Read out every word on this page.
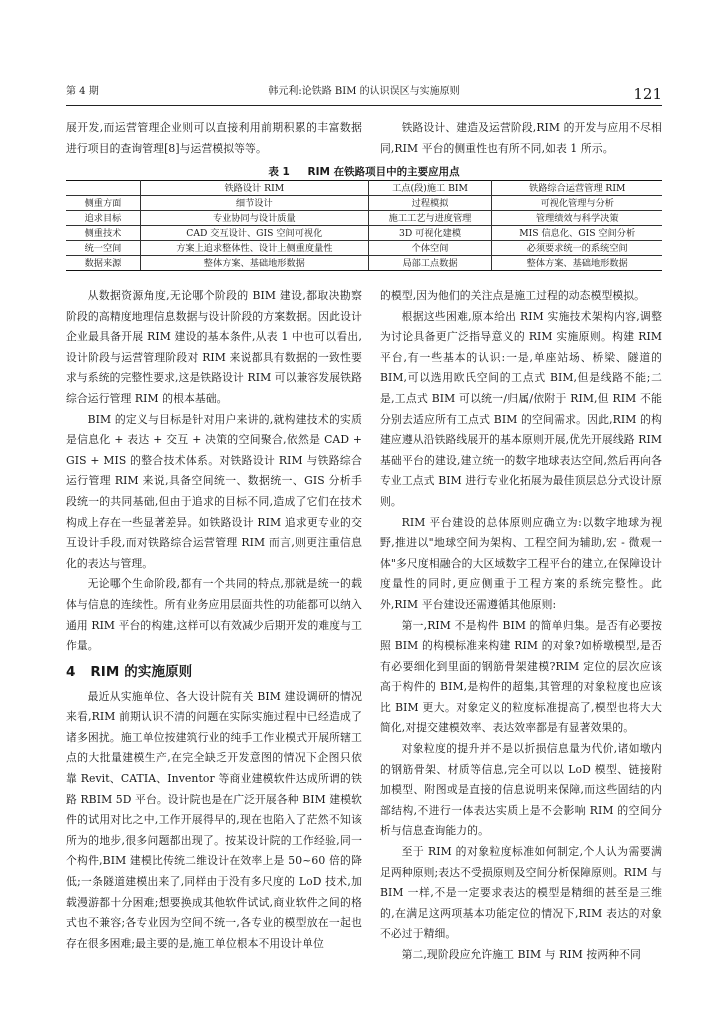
第 4 期	韩元利:论铁路 BIM 的认识误区与实施原则	121

展开发,而运营管理企业则可以直接利用前期积累的丰富数据进行项目的查询管理[8]与运营模拟等等。

铁路设计、建造及运营阶段,RIM 的开发与应用不尽相同,RIM 平台的侧重性也有所不同,如表 1 所示。

表 1 RIM 在铁路项目中的主要应用点
	铁路设计 RIM	工点(段)施工 BIM	铁路综合运营管理 RIM
侧重方面	细节设计	过程模拟	可视化管理与分析
追求目标	专业协同与设计质量	施工工艺与进度管理	管理绩效与科学决策
侧重技术	CAD 交互设计、GIS 空间可视化	3D 可视化建模	MIS 信息化、GIS 空间分析
统一空间	方案上追求整体性、设计上侧重度量性	个体空间	必须要求统一的系统空间
数据来源	整体方案、基础地形数据	局部工点数据	整体方案、基础地形数据

从数据资源角度,无论哪个阶段的 BIM 建设,都取决勘察阶段的高精度地理信息数据与设计阶段的方案数据。因此设计企业最具备开展 RIM 建设的基本条件,从表 1 中也可以看出,设计阶段与运营管理阶段对 RIM 来说都具有数据的一致性要求与系统的完整性要求,这是铁路设计 RIM 可以兼容发展铁路综合运行管理 RIM 的根本基础。

BIM 的定义与目标是针对用户来讲的,就构建技术的实质是信息化 + 表达 + 交互 + 决策的空间聚合,依然是 CAD + GIS + MIS 的整合技术体系。对铁路设计 RIM 与铁路综合运行管理 RIM 来说,具备空间统一、数据统一、GIS 分析手段统一的共同基础,但由于追求的目标不同,造成了它们在技术构成上存在一些显著差异。如铁路设计 RIM 追求更专业的交互设计手段,而对铁路综合运营管理 RIM 而言,则更注重信息化的表达与管理。

无论哪个生命阶段,都有一个共同的特点,那就是统一的载体与信息的连续性。所有业务应用层面共性的功能都可以纳入通用 RIM 平台的构建,这样可以有效减少后期开发的难度与工作量。

4 RIM 的实施原则

最近从实施单位、各大设计院有关 BIM 建设调研的情况来看,RIM 前期认识不清的问题在实际实施过程中已经造成了诸多困扰。施工单位按建筑行业的纯手工作业模式开展所辖工点的大批量建模生产,在完全缺乏开发意图的情况下企图只依靠 Revit、CATIA、Inventor 等商业建模软件达成所谓的铁路 RBIM 5D 平台。设计院也是在广泛开展各种 BIM 建模软件的试用对比之中,工作开展得早的,现在也陷入了茫然不知该所为的地步,很多问题都出现了。按某设计院的工作经验,同一个构件,BIM 建模比传统二维设计在效率上是 50~60 倍的降低;一条隧道建模出来了,同样由于没有多尺度的 LoD 技术,加载漫游都十分困难;想要换成其他软件试试,商业软件之间的格式也不兼容;各专业因为空间不统一,各专业的模型放在一起也存在很多困难;最主要的是,施工单位根本不用设计单位

的模型,因为他们的关注点是施工过程的动态模型模拟。

根据这些困难,原本给出 RIM 实施技术架构内容,调整为讨论具备更广泛指导意义的 RIM 实施原则。构建 RIM 平台,有一些基本的认识:一是,单座站场、桥梁、隧道的 BIM,可以选用欧氏空间的工点式 BIM,但是线路不能;二是,工点式 BIM 可以统一/归属/依附于 RIM,但 RIM 不能分别去适应所有工点式 BIM 的空间需求。因此,RIM 的构建应遵从沿铁路线展开的基本原则开展,优先开展线路 RIM 基础平台的建设,建立统一的数字地球表达空间,然后再向各专业工点式 BIM 进行专业化拓展为最佳顶层总分式设计原则。

RIM 平台建设的总体原则应确立为:以数字地球为视野,推进以"地球空间为架构、工程空间为辅助,宏 - 微观一体"多尺度相融合的大区域数字工程平台的建立,在保障设计度量性的同时,更应侧重于工程方案的系统完整性。此外,RIM 平台建设还需遵循其他原则:

第一,RIM 不是构件 BIM 的简单归集。是否有必要按照 BIM 的构模标准来构建 RIM 的对象?如桥墩模型,是否有必要细化到里面的钢筋骨架建模?RIM 定位的层次应该高于构件的 BIM,是构件的超集,其管理的对象粒度也应该比 BIM 更大。对象定义的粒度标准提高了,模型也将大大简化,对提交建模效率、表达效率都是有显著效果的。

对象粒度的提升并不是以折损信息量为代价,诸如墩内的钢筋骨架、材质等信息,完全可以以 LoD 模型、链接附加模型、附图或是直接的信息说明来保障,而这些固结的内部结构,不进行一体表达实质上是不会影响 RIM 的空间分析与信息查询能力的。

至于 RIM 的对象粒度标准如何制定,个人认为需要满足两种原则;表达不受损原则及空间分析保障原则。RIM 与 BIM 一样,不是一定要求表达的模型是精细的甚至是三维的,在满足这两项基本功能定位的情况下,RIM 表达的对象不必过于精细。

第二,现阶段应允许施工 BIM 与 RIM 按两种不同
